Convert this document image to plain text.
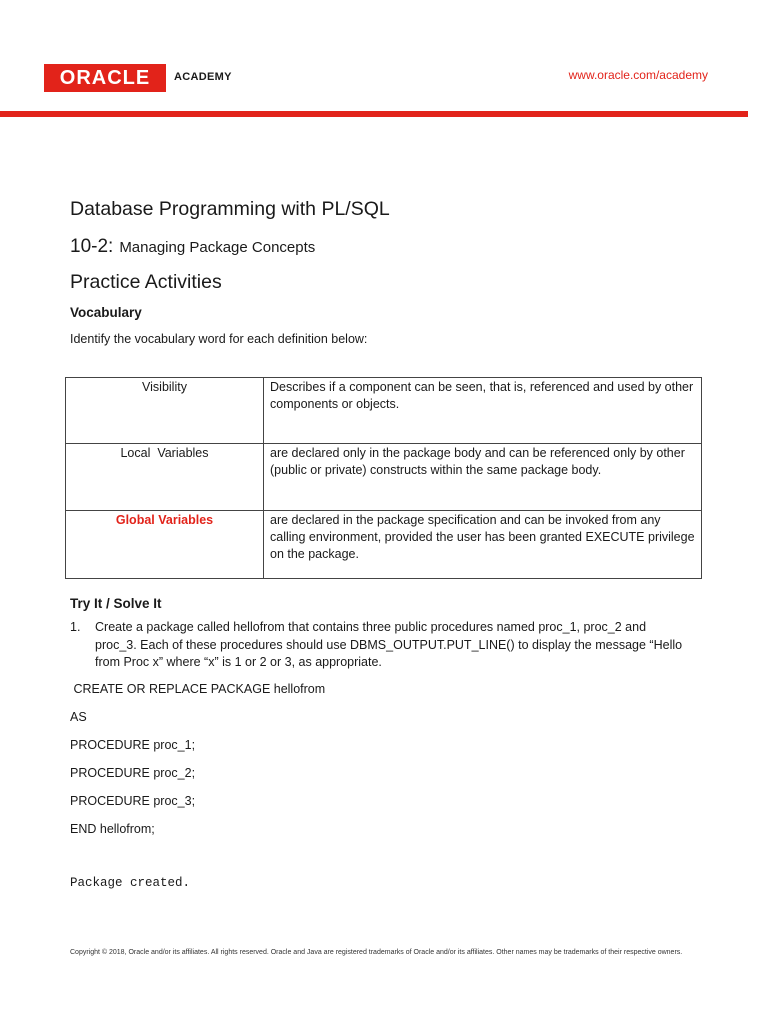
ORACLE	ACADEMY	www.oracle.com/academy
Database Programming with PL/SQL
10-2: Managing Package Concepts
Practice Activities
Vocabulary
Identify the vocabulary word for each definition below:
Visibility	Describes if a component can be seen, that is, referenced and used by other components or objects.
Local  Variables	are declared only in the package body and can be referenced only by other (public or private) constructs within the same package body.
Global Variables	are declared in the package specification and can be invoked from any calling environment, provided the user has been granted EXECUTE privilege on the package.
Try It / Solve It
1.	Create a package called hellofrom that contains three public procedures named proc_1, proc_2 and proc_3. Each of these procedures should use DBMS_OUTPUT.PUT_LINE() to display the message “Hello from Proc x” where “x” is 1 or 2 or 3, as appropriate.
CREATE OR REPLACE PACKAGE hellofrom
AS
PROCEDURE proc_1;
PROCEDURE proc_2;
PROCEDURE proc_3;
END hellofrom;
Package created.
Copyright © 2018, Oracle and/or its affiliates. All rights reserved. Oracle and Java are registered trademarks of Oracle and/or its affiliates. Other names may be trademarks of their respective owners.
